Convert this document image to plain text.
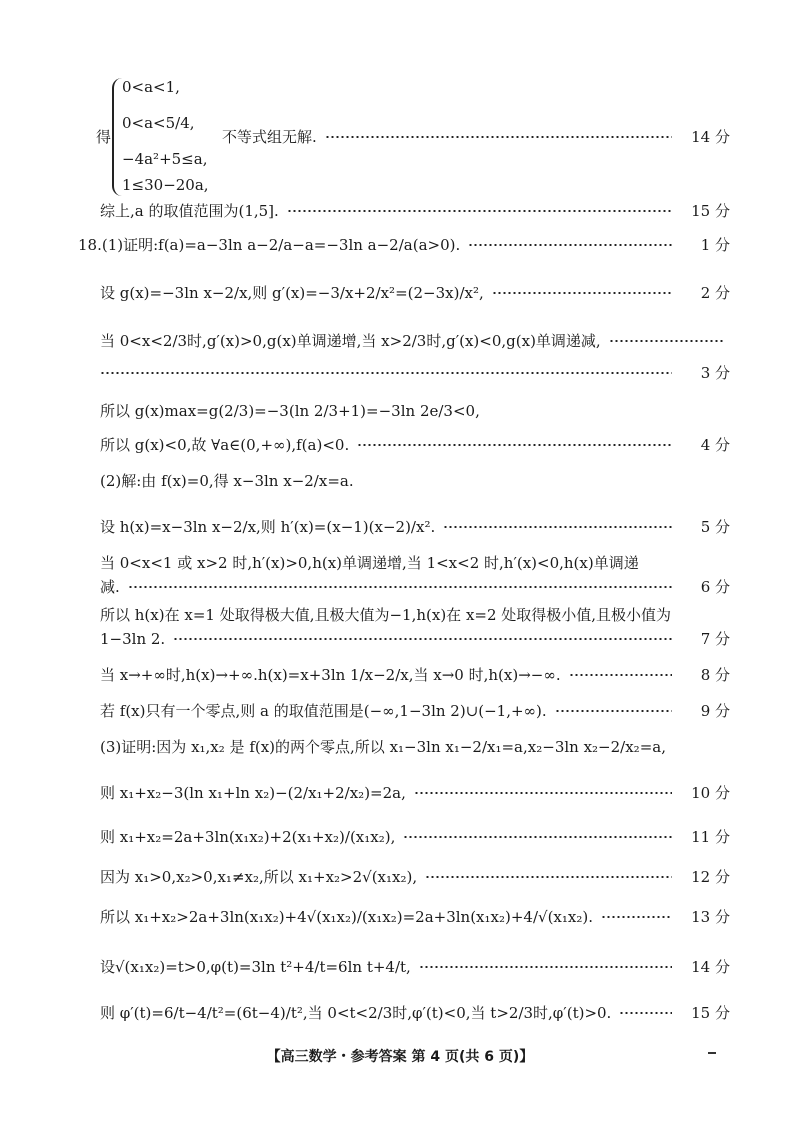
得
0<a<1,
0<a<5/4,
−4a²+5≤a,
1≤30−20a,
不等式组无解.	14 分
综上,a 的取值范围为(1,5].	15 分
18.(1)证明:f(a)=a−3ln a−2/a−a=−3ln a−2/a(a>0).	1 分
设 g(x)=−3ln x−2/x,则 g′(x)=−3/x+2/x²=(2−3x)/x²,	2 分
当 0<x<2/3时,g′(x)>0,g(x)单调递增,当 x>2/3时,g′(x)<0,g(x)单调递减,
3 分
所以 g(x)max=g(2/3)=−3(ln 2/3+1)=−3ln 2e/3<0,
所以 g(x)<0,故 ∀a∈(0,+∞),f(a)<0.	4 分
(2)解:由 f(x)=0,得 x−3ln x−2/x=a.
设 h(x)=x−3ln x−2/x,则 h′(x)=(x−1)(x−2)/x².	5 分
当 0<x<1 或 x>2 时,h′(x)>0,h(x)单调递增,当 1<x<2 时,h′(x)<0,h(x)单调递
减.	6 分
所以 h(x)在 x=1 处取得极大值,且极大值为−1,h(x)在 x=2 处取得极小值,且极小值为
1−3ln 2.	7 分
当 x→+∞时,h(x)→+∞.h(x)=x+3ln 1/x−2/x,当 x→0 时,h(x)→−∞.	8 分
若 f(x)只有一个零点,则 a 的取值范围是(−∞,1−3ln 2)∪(−1,+∞).	9 分
(3)证明:因为 x₁,x₂ 是 f(x)的两个零点,所以 x₁−3ln x₁−2/x₁=a,x₂−3ln x₂−2/x₂=a,
则 x₁+x₂−3(ln x₁+ln x₂)−(2/x₁+2/x₂)=2a,	10 分
则 x₁+x₂=2a+3ln(x₁x₂)+2(x₁+x₂)/(x₁x₂),	11 分
因为 x₁>0,x₂>0,x₁≠x₂,所以 x₁+x₂>2√(x₁x₂),	12 分
所以 x₁+x₂>2a+3ln(x₁x₂)+4√(x₁x₂)/(x₁x₂)=2a+3ln(x₁x₂)+4/√(x₁x₂).	13 分
设√(x₁x₂)=t>0,φ(t)=3ln t²+4/t=6ln t+4/t,	14 分
则 φ′(t)=6/t−4/t²=(6t−4)/t²,当 0<t<2/3时,φ′(t)<0,当 t>2/3时,φ′(t)>0.	15 分
【高三数学・参考答案 第 4 页(共 6 页)】
